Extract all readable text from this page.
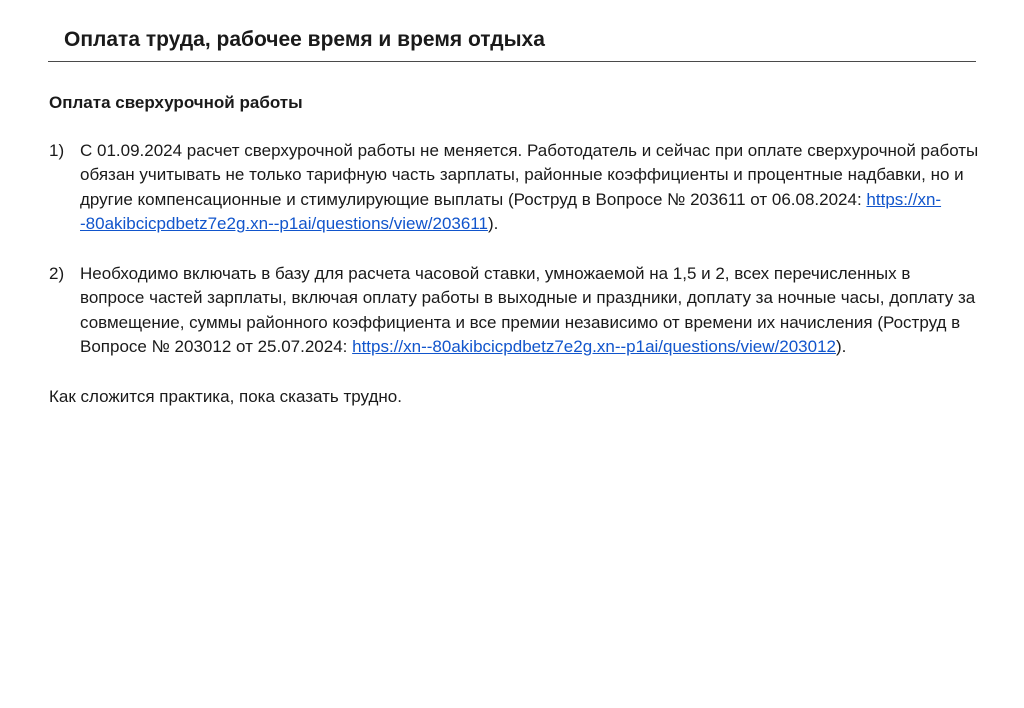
Оплата труда, рабочее время и время отдыха

Оплата сверхурочной работы

1) С 01.09.2024 расчет сверхурочной работы не меняется. Работодатель и сейчас при оплате сверхурочной работы обязан учитывать не только тарифную часть зарплаты, районные коэффициенты и процентные надбавки, но и другие компенсационные и стимулирующие выплаты (Роструд в Вопросе № 203611 от 06.08.2024: https://xn--80akibcicpdbetz7e2g.xn--p1ai/questions/view/203611).
2) Необходимо включать в базу для расчета часовой ставки, умножаемой на 1,5 и 2, всех перечисленных в вопросе частей зарплаты, включая оплату работы в выходные и праздники, доплату за ночные часы, доплату за совмещение, суммы районного коэффициента и все премии независимо от времени их начисления (Роструд в Вопросе № 203012 от 25.07.2024: https://xn--80akibcicpdbetz7e2g.xn--p1ai/questions/view/203012).

Как сложится практика, пока сказать трудно.
